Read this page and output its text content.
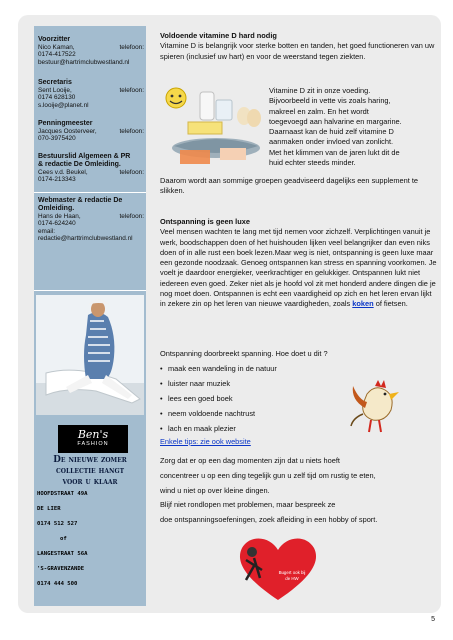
Voorzitter
Nico Kaman,	telefoon:
0174-417522
bestuur@hartrimclubwestland.nl
Secretaris
Sent Looije,	telefoon:
0174 628130
s.looije@planet.nl
Penningmeester
Jacques Oosterveer,	telefoon:
070-3975420
Bestuurslid Algemeen & PR
& redactie De Omleiding.
Cees v.d. Beukel,	telefoon:
0174-213343
Webmaster & redactie De
Omleiding.
Hans de Haan,	telefoon:
0174-624240
email:
redactie@harttrimclubwestland.nl
Ben's
FASHION
De nieuwe zomer
collectie hangt
voor u klaar
HOOFDSTRAAT 49A
DE LIER
0174 512 527
of
LANGESTRAAT 56A
'S-GRAVENZANDE
0174 444 500
Voldoende vitamine D hard nodig
Vitamine D is belangrijk voor sterke botten en tanden, het goed functioneren van uw spieren (inclusief uw hart) en voor de weerstand tegen ziekten.
Vitamine D zit in onze voeding.
Bijvoorbeeld in vette vis zoals haring,
makreel en zalm. En het wordt
toegevoegd aan halvarine en margarine.
Daarnaast kan de huid zelf vitamine D
aanmaken onder invloed van zonlicht.
Met het klimmen van de jaren lukt dit de
huid echter steeds minder.
Daarom wordt aan sommige groepen geadviseerd dagelijks een supplement te slikken.
Ontspanning is geen luxe
Veel mensen wachten te lang met tijd nemen voor zichzelf. Verplichtingen vanuit je werk, boodschappen doen of het huishouden lijken veel belangrijker dan even niks doen of in alle rust een boek lezen.Maar weg is niet, ontspanning is geen luxe maar een gezonde noodzaak. Genoeg ontspannen kan stress en spanning voorkomen. Je voelt je daardoor energieker, veerkrachtiger en gelukkiger. Ontspannen lukt niet iedereen even goed. Zeker niet als je hoofd vol zit met honderd andere dingen die je nog moet doen. Ontspannen is echt een vaardigheid op zich en het leren ervan lijkt in zekere zin op het leren van nieuwe vaardigheden, zoals koken of fietsen.
Ontspanning doorbreekt spanning. Hoe doet u dit ?
• maak een wandeling in de natuur
• luister naar muziek
• lees een goed boek
• neem voldoende nachtrust
• lach en maak plezier
Enkele tips: zie ook website
Zorg dat er op een dag momenten zijn dat u niets hoeft
concentreer u op een ding tegelijk gun u zelf tijd om rustig te eten,
wind u niet op over kleine dingen.
Blijf niet rondlopen met problemen, maar bespreek ze
doe ontspanningsoefeningen, zoek afleiding in een hobby of sport.
Bugert ook bij
de HW
5
